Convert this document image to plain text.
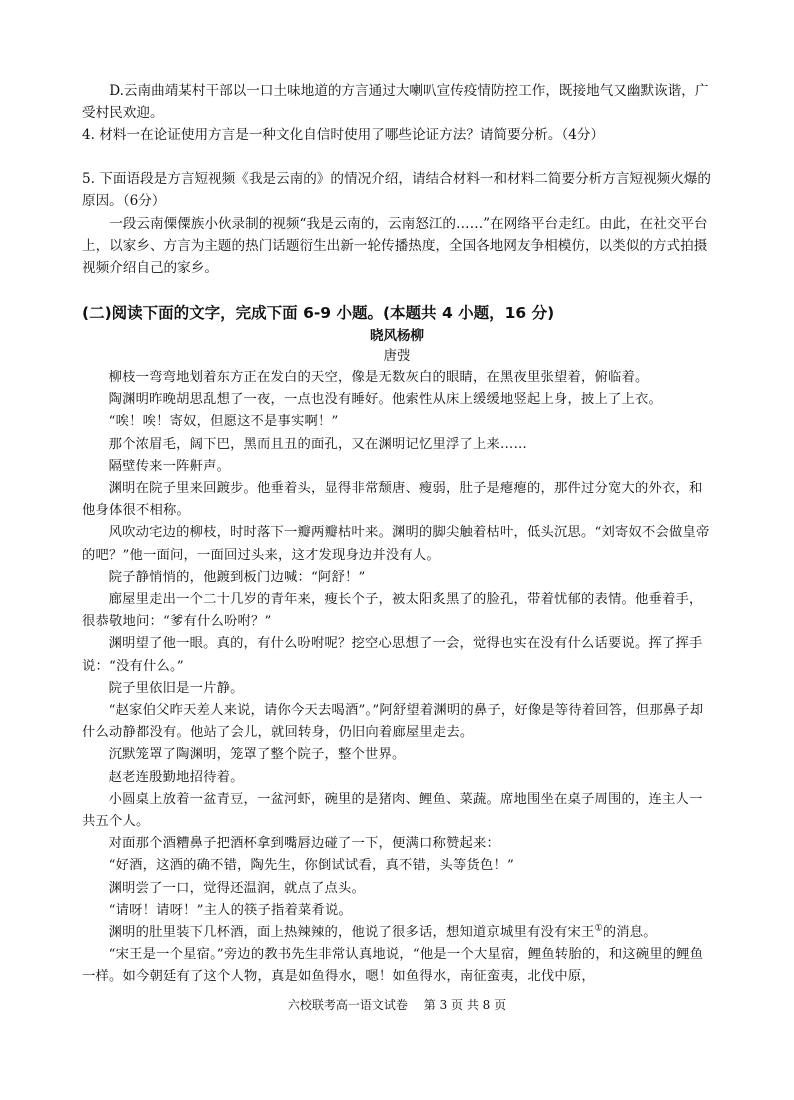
D.云南曲靖某村干部以一口土味地道的方言通过大喇叭宣传疫情防控工作，既接地气又幽默诙谐，广受村民欢迎。

4. 材料一在论证使用方言是一种文化自信时使用了哪些论证方法？请简要分析。（4分）

5. 下面语段是方言短视频《我是云南的》的情况介绍，请结合材料一和材料二简要分析方言短视频火爆的原因。（6分）

一段云南傈僳族小伙录制的视频“我是云南的，云南怒江的……”在网络平台走红。由此，在社交平台上，以家乡、方言为主题的热门话题衍生出新一轮传播热度，全国各地网友争相模仿，以类似的方式拍摄视频介绍自己的家乡。

(二)阅读下面的文字，完成下面 6-9 小题。(本题共 4 小题，16 分)

晓风杨柳

唐弢

柳枝一弯弯地划着东方正在发白的天空，像是无数灰白的眼睛，在黑夜里张望着，俯临着。

陶渊明昨晚胡思乱想了一夜，一点也没有睡好。他索性从床上缓缓地竖起上身，披上了上衣。

“唉！唉！寄奴，但愿这不是事实啊！”

那个浓眉毛，阔下巴，黑而且丑的面孔，又在渊明记忆里浮了上来……

隔壁传来一阵鼾声。

渊明在院子里来回踱步。他垂着头，显得非常颓唐、瘦弱，肚子是瘪瘪的，那件过分宽大的外衣，和他身体很不相称。

风吹动宅边的柳枝，时时落下一瓣两瓣枯叶来。渊明的脚尖触着枯叶，低头沉思。“刘寄奴不会做皇帝的吧？”他一面问，一面回过头来，这才发现身边并没有人。

院子静悄悄的，他踱到板门边喊：“阿舒！”

廊屋里走出一个二十几岁的青年来，瘦长个子，被太阳炙黑了的脸孔，带着忧郁的表情。他垂着手，很恭敬地问：“爹有什么吩咐？”

渊明望了他一眼。真的，有什么吩咐呢？挖空心思想了一会，觉得也实在没有什么话要说。挥了挥手说：“没有什么。”

院子里依旧是一片静。

“赵家伯父昨天差人来说，请你今天去喝酒”。”阿舒望着渊明的鼻子，好像是等待着回答，但那鼻子却什么动静都没有。他站了会儿，就回转身，仍旧向着廊屋里走去。

沉默笼罩了陶渊明，笼罩了整个院子，整个世界。

赵老连殷勤地招待着。

小圆桌上放着一盆青豆，一盆河虾，碗里的是猪肉、鲤鱼、菜蔬。席地围坐在桌子周围的，连主人一共五个人。

对面那个酒糟鼻子把酒杯拿到嘴唇边碰了一下，便满口称赞起来：

“好酒，这酒的确不错，陶先生，你倒试试看，真不错，头等货色！”

渊明尝了一口，觉得还温润，就点了点头。

“请呀！请呀！”主人的筷子指着菜肴说。

渊明的肚里装下几杯酒，面上热辣辣的，他说了很多话，想知道京城里有没有宋王①的消息。

“宋王是一个星宿。”旁边的教书先生非常认真地说，“他是一个大星宿，鲤鱼转胎的，和这碗里的鲤鱼一样。如今朝廷有了这个人物，真是如鱼得水，嗯！如鱼得水，南征蛮夷，北伐中原，

六校联考高一语文试卷 第 3 页 共 8 页
